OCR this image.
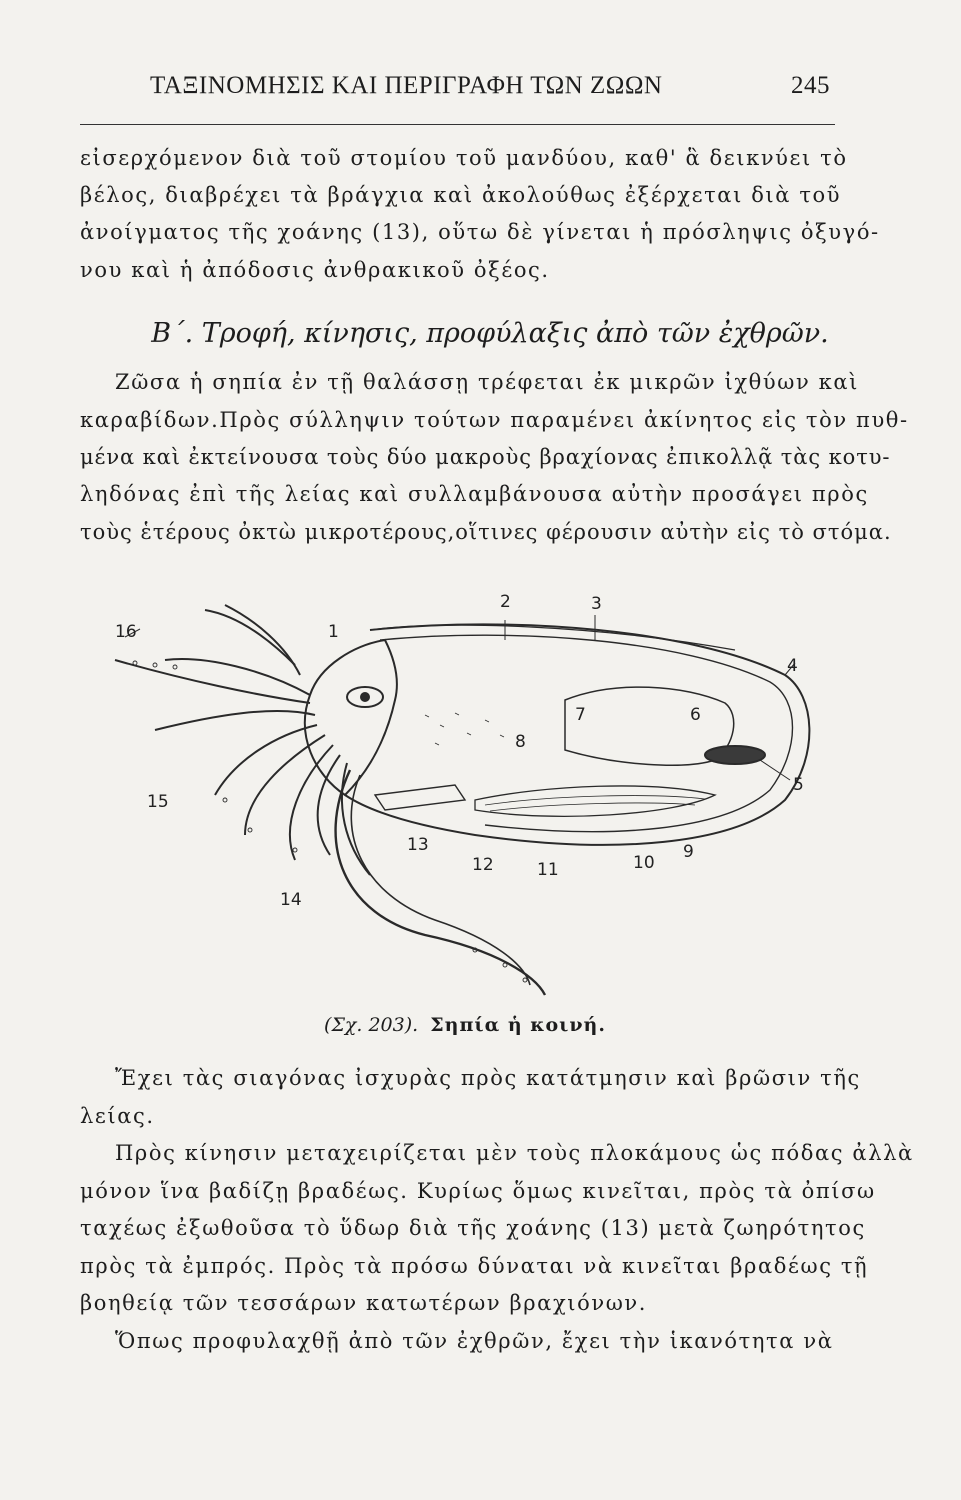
ΤΑΞΙΝΟΜΗΣΙΣ ΚΑΙ ΠΕΡΙΓΡΑΦΗ ΤΩΝ ΖΩΩΝ	245
εἰσερχόμενον διὰ τοῦ στομίου τοῦ μανδύου, καθ' ἃ δεικνύει τὸ
βέλος, διαβρέχει τὰ βράγχια καὶ ἀκολούθως ἐξέρχεται διὰ τοῦ
ἀνοίγματος τῆς χοάνης (13), οὕτω δὲ γίνεται ἡ πρόσληψις ὀξυγό-
νου καὶ ἡ ἀπόδοσις ἀνθρακικοῦ ὀξέος.
Β΄. Τροφή, κίνησις, προφύλαξις ἀπὸ τῶν ἐχθρῶν.
Ζῶσα ἡ σηπία ἐν τῇ θαλάσσῃ τρέφεται ἐκ μικρῶν ἰχθύων καὶ
καραβίδων.Πρὸς σύλληψιν τούτων παραμένει ἀκίνητος εἰς τὸν πυθ-
μένα καὶ ἐκτείνουσα τοὺς δύο μακροὺς βραχίονας ἐπικολλᾷ τὰς κοτυ-
ληδόνας ἐπὶ τῆς λείας καὶ συλλαμβάνουσα αὐτὴν προσάγει πρὸς
τοὺς ἑτέρους ὀκτὼ μικροτέρους,οἵτινες φέρουσιν αὐτὴν εἰς τὸ στόμα.
16	1
2	3
4
6
7
8
5
9
10
11
12
13
14
15
(Σχ. 203). Σηπία ἡ κοινή.
Ἔχει τὰς σιαγόνας ἰσχυρὰς πρὸς κατάτμησιν καὶ βρῶσιν τῆς
λείας.
Πρὸς κίνησιν μεταχειρίζεται μὲν τοὺς πλοκάμους ὡς πόδας ἀλλὰ
μόνον ἵνα βαδίζῃ βραδέως. Κυρίως ὅμως κινεῖται, πρὸς τὰ ὀπίσω
ταχέως ἐξωθοῦσα τὸ ὕδωρ διὰ τῆς χοάνης (13) μετὰ ζωηρότητος
πρὸς τὰ ἐμπρός. Πρὸς τὰ πρόσω δύναται νὰ κινεῖται βραδέως τῇ
βοηθείᾳ τῶν τεσσάρων κατωτέρων βραχιόνων.
Ὅπως προφυλαχθῇ ἀπὸ τῶν ἐχθρῶν, ἔχει τὴν ἱκανότητα νὰ
